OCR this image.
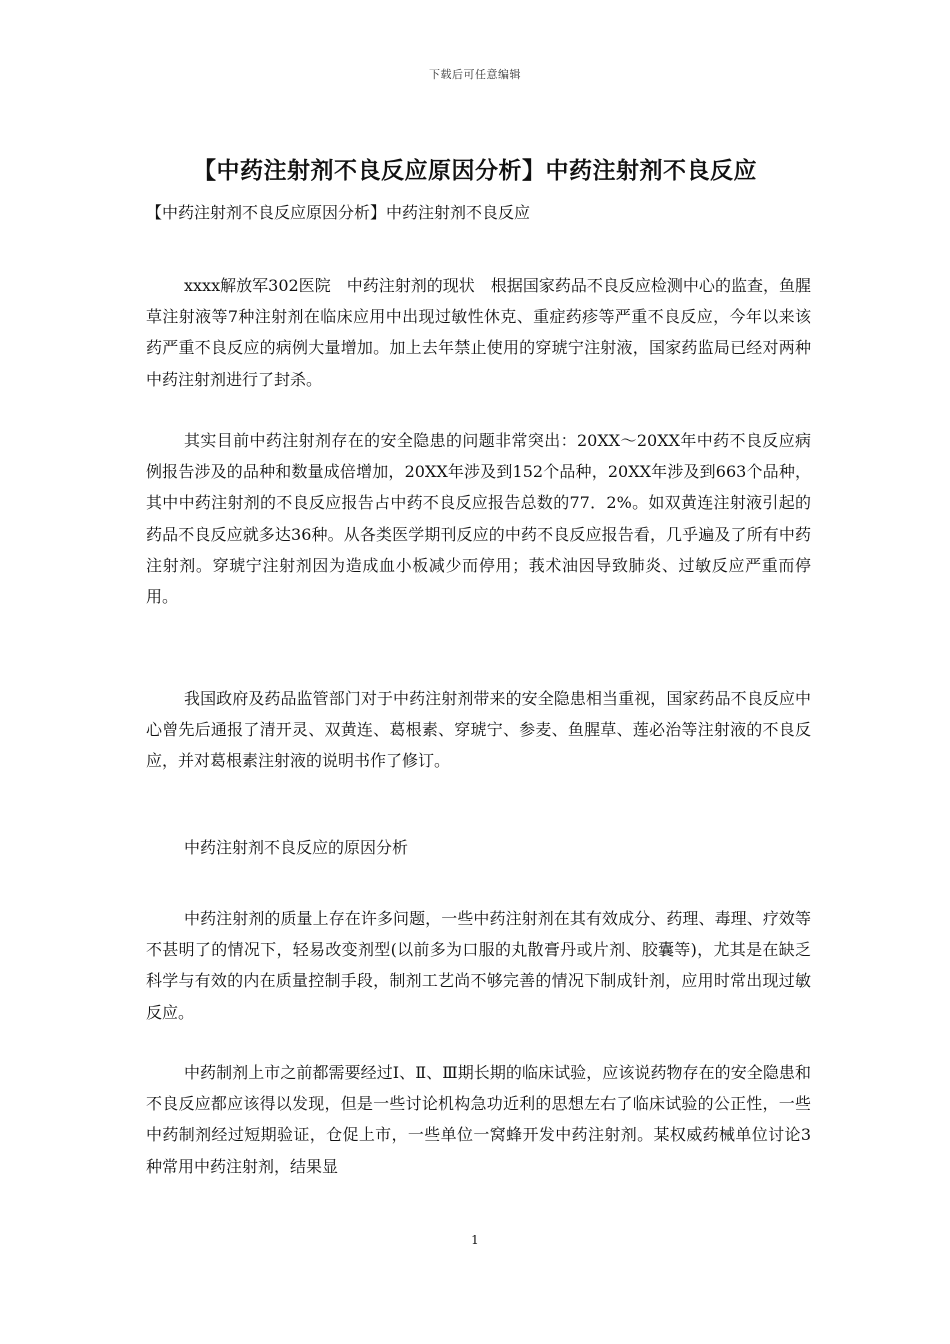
下载后可任意编辑
【中药注射剂不良反应原因分析】中药注射剂不良反应

【中药注射剂不良反应原因分析】中药注射剂不良反应

xxxx解放军302医院　中药注射剂的现状　根据国家药品不良反应检测中心的监查，鱼腥草注射液等7种注射剂在临床应用中出现过敏性休克、重症药疹等严重不良反应，今年以来该药严重不良反应的病例大量增加。加上去年禁止使用的穿琥宁注射液，国家药监局已经对两种中药注射剂进行了封杀。

其实目前中药注射剂存在的安全隐患的问题非常突出：20XX～20XX年中药不良反应病例报告涉及的品种和数量成倍增加，20XX年涉及到152个品种，20XX年涉及到663个品种，其中中药注射剂的不良反应报告占中药不良反应报告总数的77．2%。如双黄连注射液引起的药品不良反应就多达36种。从各类医学期刊反应的中药不良反应报告看，几乎遍及了所有中药注射剂。穿琥宁注射剂因为造成血小板减少而停用；莪术油因导致肺炎、过敏反应严重而停用。

我国政府及药品监管部门对于中药注射剂带来的安全隐患相当重视，国家药品不良反应中心曾先后通报了清开灵、双黄连、葛根素、穿琥宁、参麦、鱼腥草、莲必治等注射液的不良反应，并对葛根素注射液的说明书作了修订。

中药注射剂不良反应的原因分析

中药注射剂的质量上存在许多问题，一些中药注射剂在其有效成分、药理、毒理、疗效等不甚明了的情况下，轻易改变剂型(以前多为口服的丸散膏丹或片剂、胶囊等)，尤其是在缺乏科学与有效的内在质量控制手段，制剂工艺尚不够完善的情况下制成针剂，应用时常出现过敏反应。

中药制剂上市之前都需要经过Ⅰ、Ⅱ、Ⅲ期长期的临床试验，应该说药物存在的安全隐患和不良反应都应该得以发现，但是一些讨论机构急功近利的思想左右了临床试验的公正性，一些中药制剂经过短期验证，仓促上市，一些单位一窝蜂开发中药注射剂。某权威药械单位讨论3种常用中药注射剂，结果显

1
